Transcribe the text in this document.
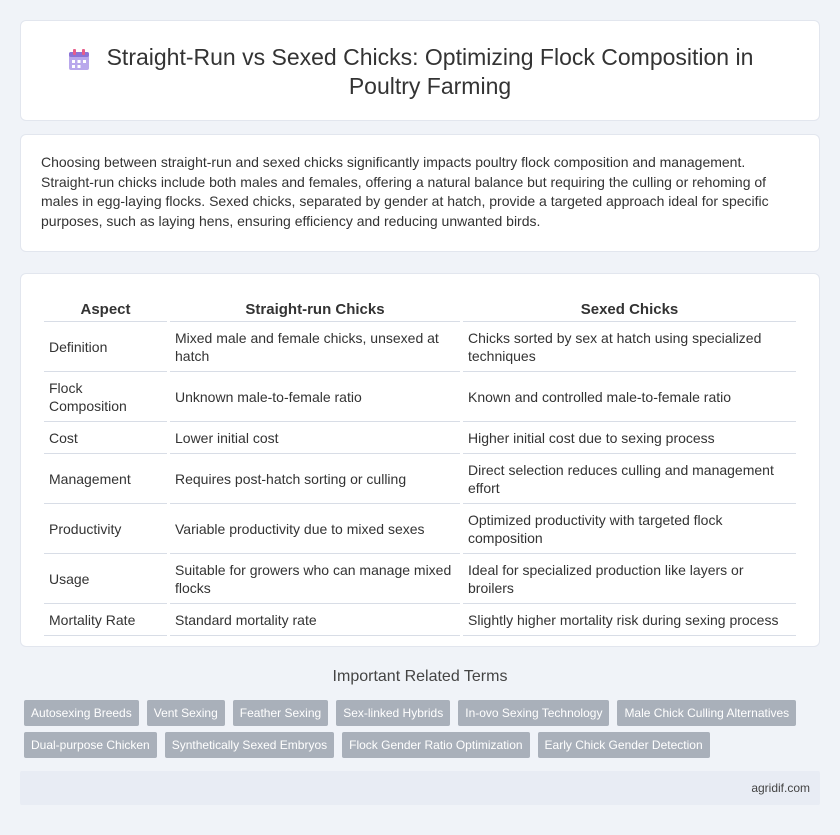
Straight-Run vs Sexed Chicks: Optimizing Flock Composition in Poultry Farming

Choosing between straight-run and sexed chicks significantly impacts poultry flock composition and management. Straight-run chicks include both males and females, offering a natural balance but requiring the culling or rehoming of males in egg-laying flocks. Sexed chicks, separated by gender at hatch, provide a targeted approach ideal for specific purposes, such as laying hens, ensuring efficiency and reducing unwanted birds.

Aspect	Straight-run Chicks	Sexed Chicks
Definition	Mixed male and female chicks, unsexed at hatch	Chicks sorted by sex at hatch using specialized techniques
Flock Composition	Unknown male-to-female ratio	Known and controlled male-to-female ratio
Cost	Lower initial cost	Higher initial cost due to sexing process
Management	Requires post-hatch sorting or culling	Direct selection reduces culling and management effort
Productivity	Variable productivity due to mixed sexes	Optimized productivity with targeted flock composition
Usage	Suitable for growers who can manage mixed flocks	Ideal for specialized production like layers or broilers
Mortality Rate	Standard mortality rate	Slightly higher mortality risk during sexing process
Important Related Terms
Autosexing Breeds Vent Sexing Feather Sexing Sex-linked Hybrids In-ovo Sexing Technology Male Chick Culling Alternatives
Dual-purpose Chicken Synthetically Sexed Embryos Flock Gender Ratio Optimization Early Chick Gender Detection
agridif.com
